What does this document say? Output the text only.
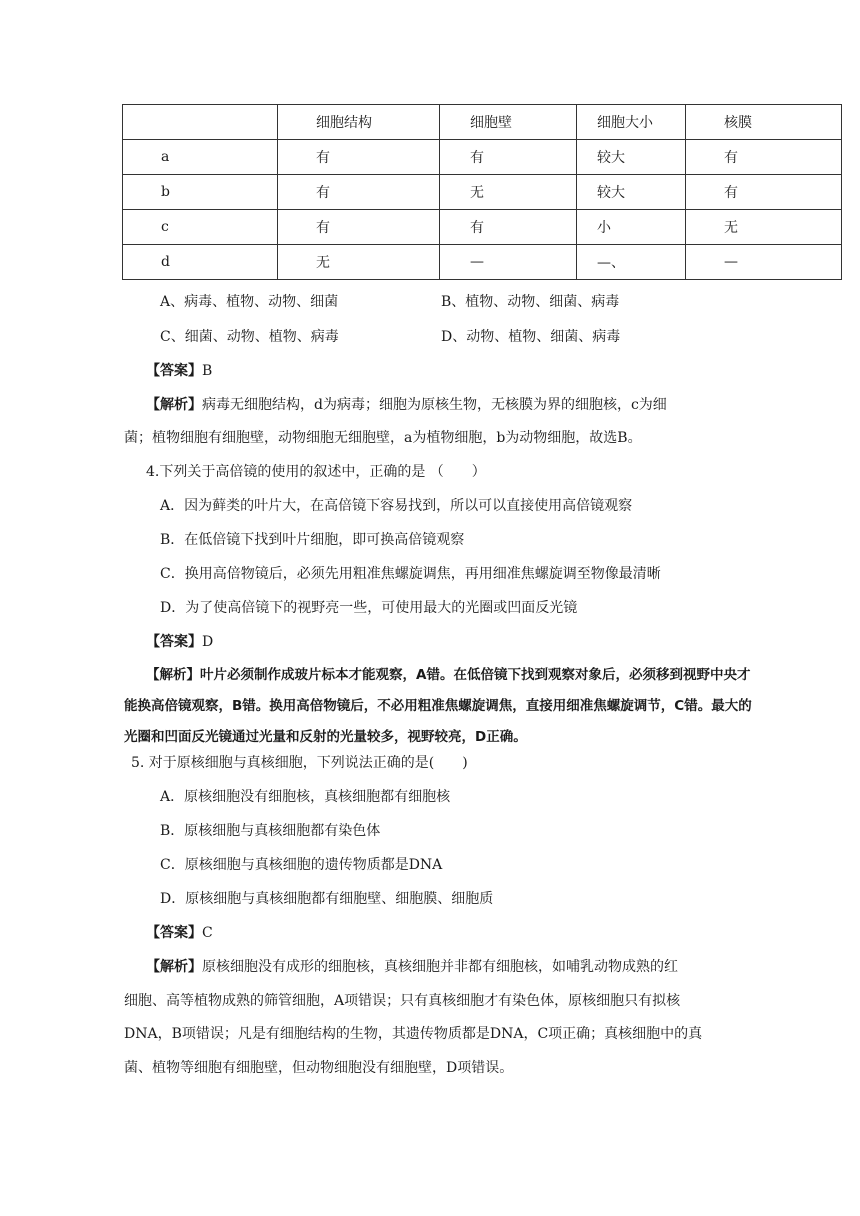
	细胞结构	细胞壁	细胞大小	核膜
a	有	有	较大	有
b	有	无	较大	有
c	有	有	小	无
d	无	—	—、	—
A、病毒、植物、动物、细菌	B、植物、动物、细菌、病毒
C、细菌、动物、植物、病毒	D、动物、植物、细菌、病毒
【答案】B
【解析】病毒无细胞结构，d为病毒；细胞为原核生物，无核膜为界的细胞核，c为细
菌；植物细胞有细胞壁，动物细胞无细胞壁，a为植物细胞，b为动物细胞，故选B。
4.下列关于高倍镜的使用的叙述中，正确的是 （　　）
A．因为藓类的叶片大，在高倍镜下容易找到，所以可以直接使用高倍镜观察
B．在低倍镜下找到叶片细胞，即可换高倍镜观察
C．换用高倍物镜后，必须先用粗准焦螺旋调焦，再用细准焦螺旋调至物像最清晰
D．为了使高倍镜下的视野亮一些，可使用最大的光圈或凹面反光镜
【答案】D
【解析】叶片必须制作成玻片标本才能观察，A错。在低倍镜下找到观察对象后，必须移到视野中央才
能换高倍镜观察，B错。换用高倍物镜后，不必用粗准焦螺旋调焦，直接用细准焦螺旋调节，C错。最大的
光圈和凹面反光镜通过光量和反射的光量较多，视野较亮，D正确。
5. 对于原核细胞与真核细胞，下列说法正确的是(　　)
A．原核细胞没有细胞核，真核细胞都有细胞核
B．原核细胞与真核细胞都有染色体
C．原核细胞与真核细胞的遗传物质都是DNA
D．原核细胞与真核细胞都有细胞壁、细胞膜、细胞质
【答案】C
【解析】原核细胞没有成形的细胞核，真核细胞并非都有细胞核，如哺乳动物成熟的红
细胞、高等植物成熟的筛管细胞，A项错误；只有真核细胞才有染色体，原核细胞只有拟核
DNA，B项错误；凡是有细胞结构的生物，其遗传物质都是DNA，C项正确；真核细胞中的真
菌、植物等细胞有细胞壁，但动物细胞没有细胞壁，D项错误。
